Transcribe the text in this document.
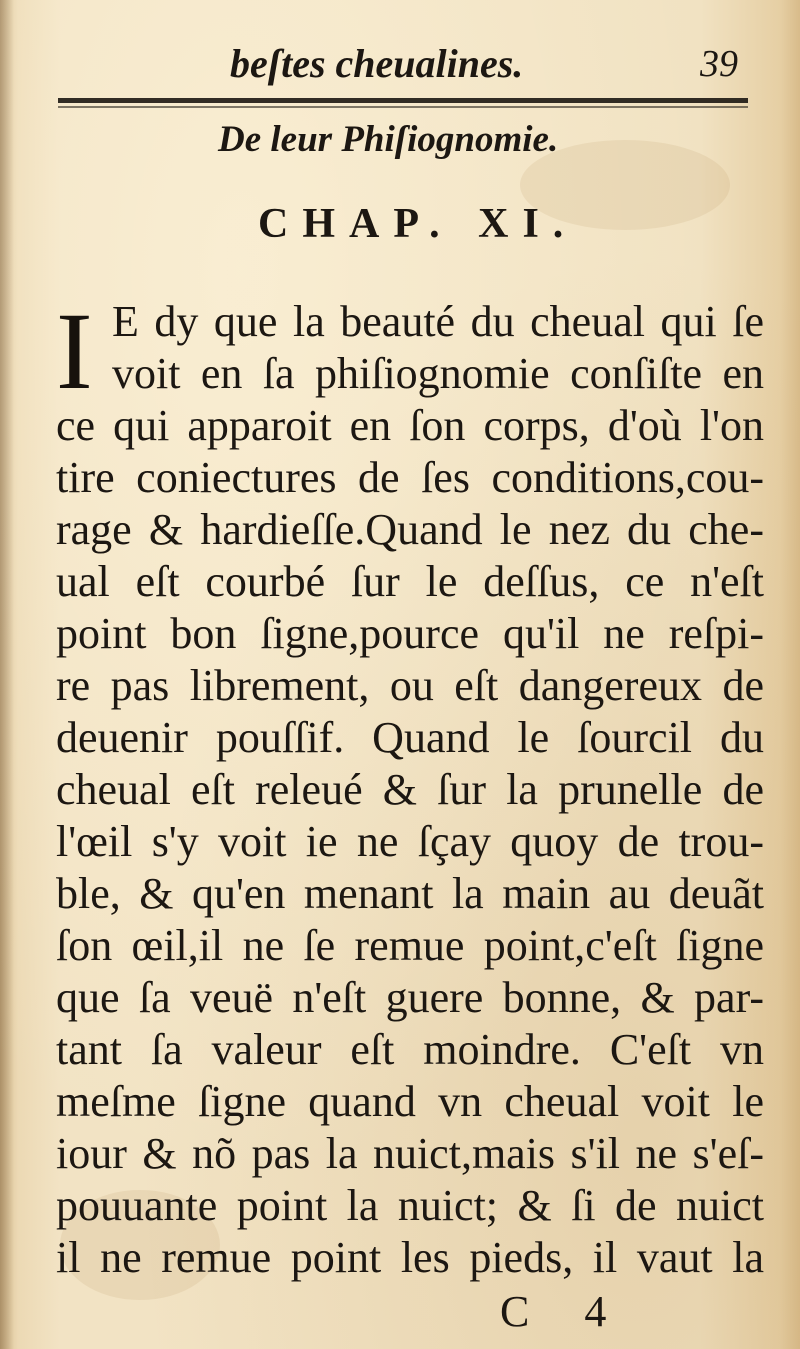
beſtes cheualines.	39
De leur Phiſiognomie.
CHAP. XI.
I E dy que la beauté du cheual qui ſe
voit en ſa phiſiognomie conſiſte en
ce qui apparoit en ſon corps, d'où l'on
tire coniectures de ſes conditions,cou-
rage & hardieſſe.Quand le nez du che-
ual eſt courbé ſur le deſſus, ce n'eſt
point bon ſigne,pource qu'il ne reſpi-
re pas librement, ou eſt dangereux de
deuenir pouſſif. Quand le ſourcil du
cheual eſt releué & ſur la prunelle de
l'œil s'y voit ie ne ſçay quoy de trou-
ble, & qu'en menant la main au deuãt
ſon œil,il ne ſe remue point,c'eſt ſigne
que ſa veuë n'eſt guere bonne, & par-
tant ſa valeur eſt moindre. C'eſt vn
meſme ſigne quand vn cheual voit le
iour & nõ pas la nuict,mais s'il ne s'eſ-
pouuante point la nuict; & ſi de nuict
il ne remue point les pieds, il vaut la
C 4
